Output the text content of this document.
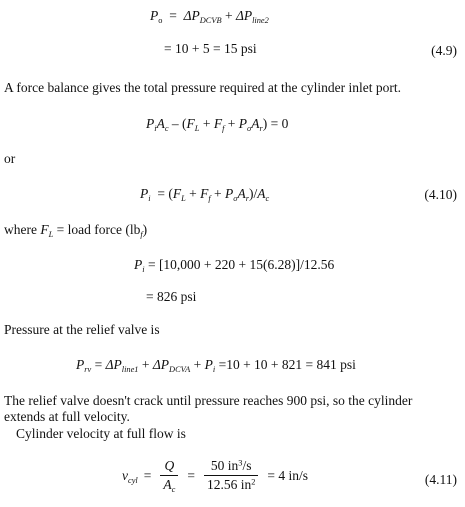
$P_o = \Delta P_{DCVB} + \Delta P_{line2}$
= 10 + 5 = 15 psi	(4.9)
A force balance gives the total pressure required at the cylinder inlet port.
$P_iA_c - (F_L + F_f + P_oA_r) = 0$
or
$P_i = (F_L + F_f + P_oA_r)/A_c$	(4.10)
where $F_L$ = load force $(lb_f)$
$P_i = [10,000 + 220 + 15(6.28)]/12.56$
= 826 psi
Pressure at the relief valve is
$P_{rv} = \Delta P_{line1} + \Delta P_{DCVA} + P_i =10 + 10 + 821 = 841$ psi
The relief valve doesn't crack until pressure reaches 900 psi, so the cylinder
extends at full velocity.
Cylinder velocity at full flow is
$v_{cyl} = \frac{Q}{A_c} = \frac{50 in^3/s}{12.56 in^2} = 4$ in/s	(4.11)
